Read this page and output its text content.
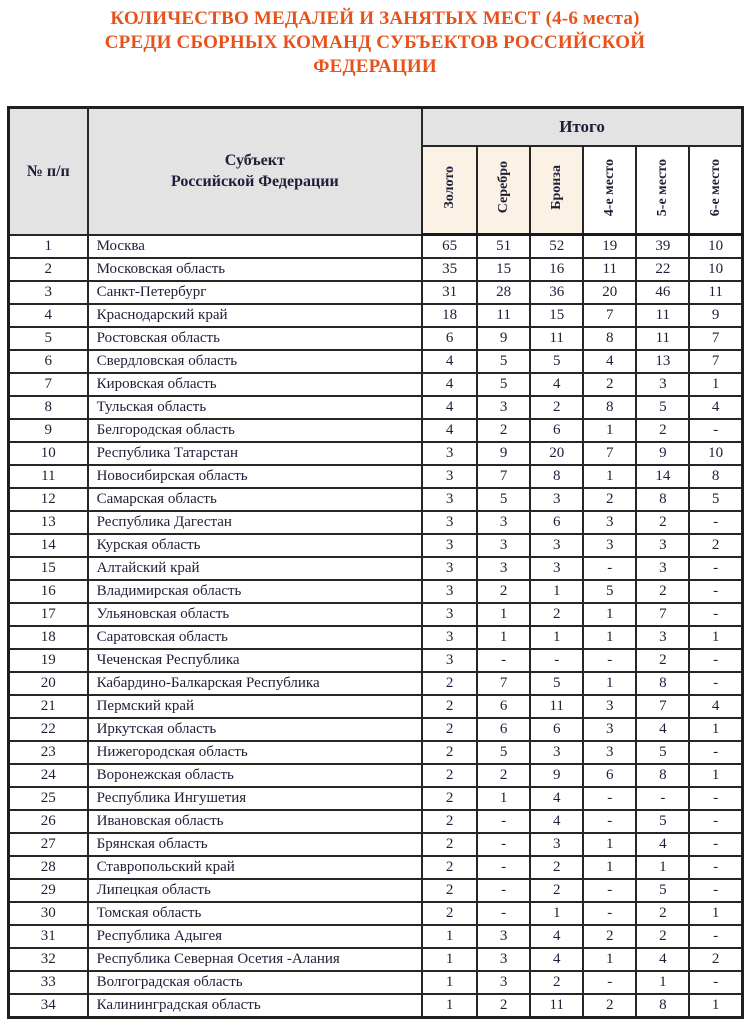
КОЛИЧЕСТВО МЕДАЛЕЙ И ЗАНЯТЫХ МЕСТ (4-6 места)
СРЕДИ СБОРНЫХ КОМАНД СУБЪЕКТОВ РОССИЙСКОЙ
ФЕДЕРАЦИИ
№ п/п	Субъект
Российской Федерации	Итого					
		Золото	Серебро	Бронза	4-е место	5-е место	6-е место
1	Москва	65	51	52	19	39	10
2	Московская область	35	15	16	11	22	10
3	Санкт-Петербург	31	28	36	20	46	11
4	Краснодарский край	18	11	15	7	11	9
5	Ростовская область	6	9	11	8	11	7
6	Свердловская область	4	5	5	4	13	7
7	Кировская область	4	5	4	2	3	1
8	Тульская область	4	3	2	8	5	4
9	Белгородская область	4	2	6	1	2	-
10	Республика Татарстан	3	9	20	7	9	10
11	Новосибирская область	3	7	8	1	14	8
12	Самарская область	3	5	3	2	8	5
13	Республика Дагестан	3	3	6	3	2	-
14	Курская область	3	3	3	3	3	2
15	Алтайский край	3	3	3	-	3	-
16	Владимирская область	3	2	1	5	2	-
17	Ульяновская область	3	1	2	1	7	-
18	Саратовская область	3	1	1	1	3	1
19	Чеченская Республика	3	-	-	-	2	-
20	Кабардино-Балкарская Республика	2	7	5	1	8	-
21	Пермский край	2	6	11	3	7	4
22	Иркутская область	2	6	6	3	4	1
23	Нижегородская область	2	5	3	3	5	-
24	Воронежская область	2	2	9	6	8	1
25	Республика Ингушетия	2	1	4	-	-	-
26	Ивановская область	2	-	4	-	5	-
27	Брянская область	2	-	3	1	4	-
28	Ставропольский край	2	-	2	1	1	-
29	Липецкая область	2	-	2	-	5	-
30	Томская область	2	-	1	-	2	1
31	Республика Адыгея	1	3	4	2	2	-
32	Республика Северная Осетия -Алания	1	3	4	1	4	2
33	Волгоградская область	1	3	2	-	1	-
34	Калининградская область	1	2	11	2	8	1
